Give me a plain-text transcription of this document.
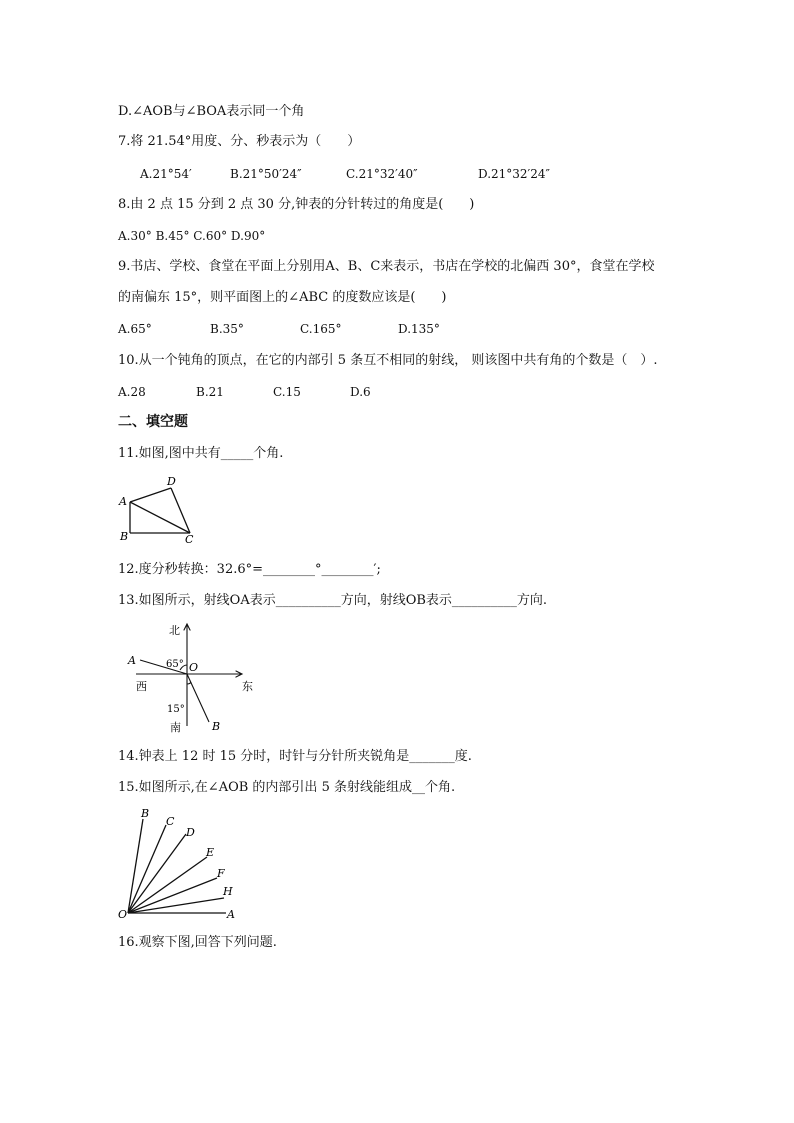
D.∠AOB与∠BOA表示同一个角
7.将 21.54°用度、分、秒表示为（　　）
A.21°54′	B.21°50′24″	C.21°32′40″	D.21°32′24″
8.由 2 点 15 分到 2 点 30 分,钟表的分针转过的角度是(　　)
A.30° B.45° C.60° D.90°
9.书店、学校、食堂在平面上分别用A、B、C来表示，书店在学校的北偏西 30°，食堂在学校
的南偏东 15°，则平面图上的∠ABC 的度数应该是(　　)
A.65°	B.35°	C.165°	D.135°
10.从一个钝角的顶点，在它的内部引 5 条互不相同的射线， 则该图中共有角的个数是（　）.
A.28	B.21	C.15	D.6
二、填空题
11.如图,图中共有_____个角.
A
D
B	C
12.度分秒转换：32.6°=________°________′;
13.如图所示，射线OA表示__________方向，射线OB表示__________方向.
北
A	65° O
西	东
15°
南	B
14.钟表上 12 时 15 分时，时针与分针所夹锐角是_______度.
15.如图所示,在∠AOB 的内部引出 5 条射线能组成__个角.
O	A
H
F
E
D
C
B
16.观察下图,回答下列问题.
